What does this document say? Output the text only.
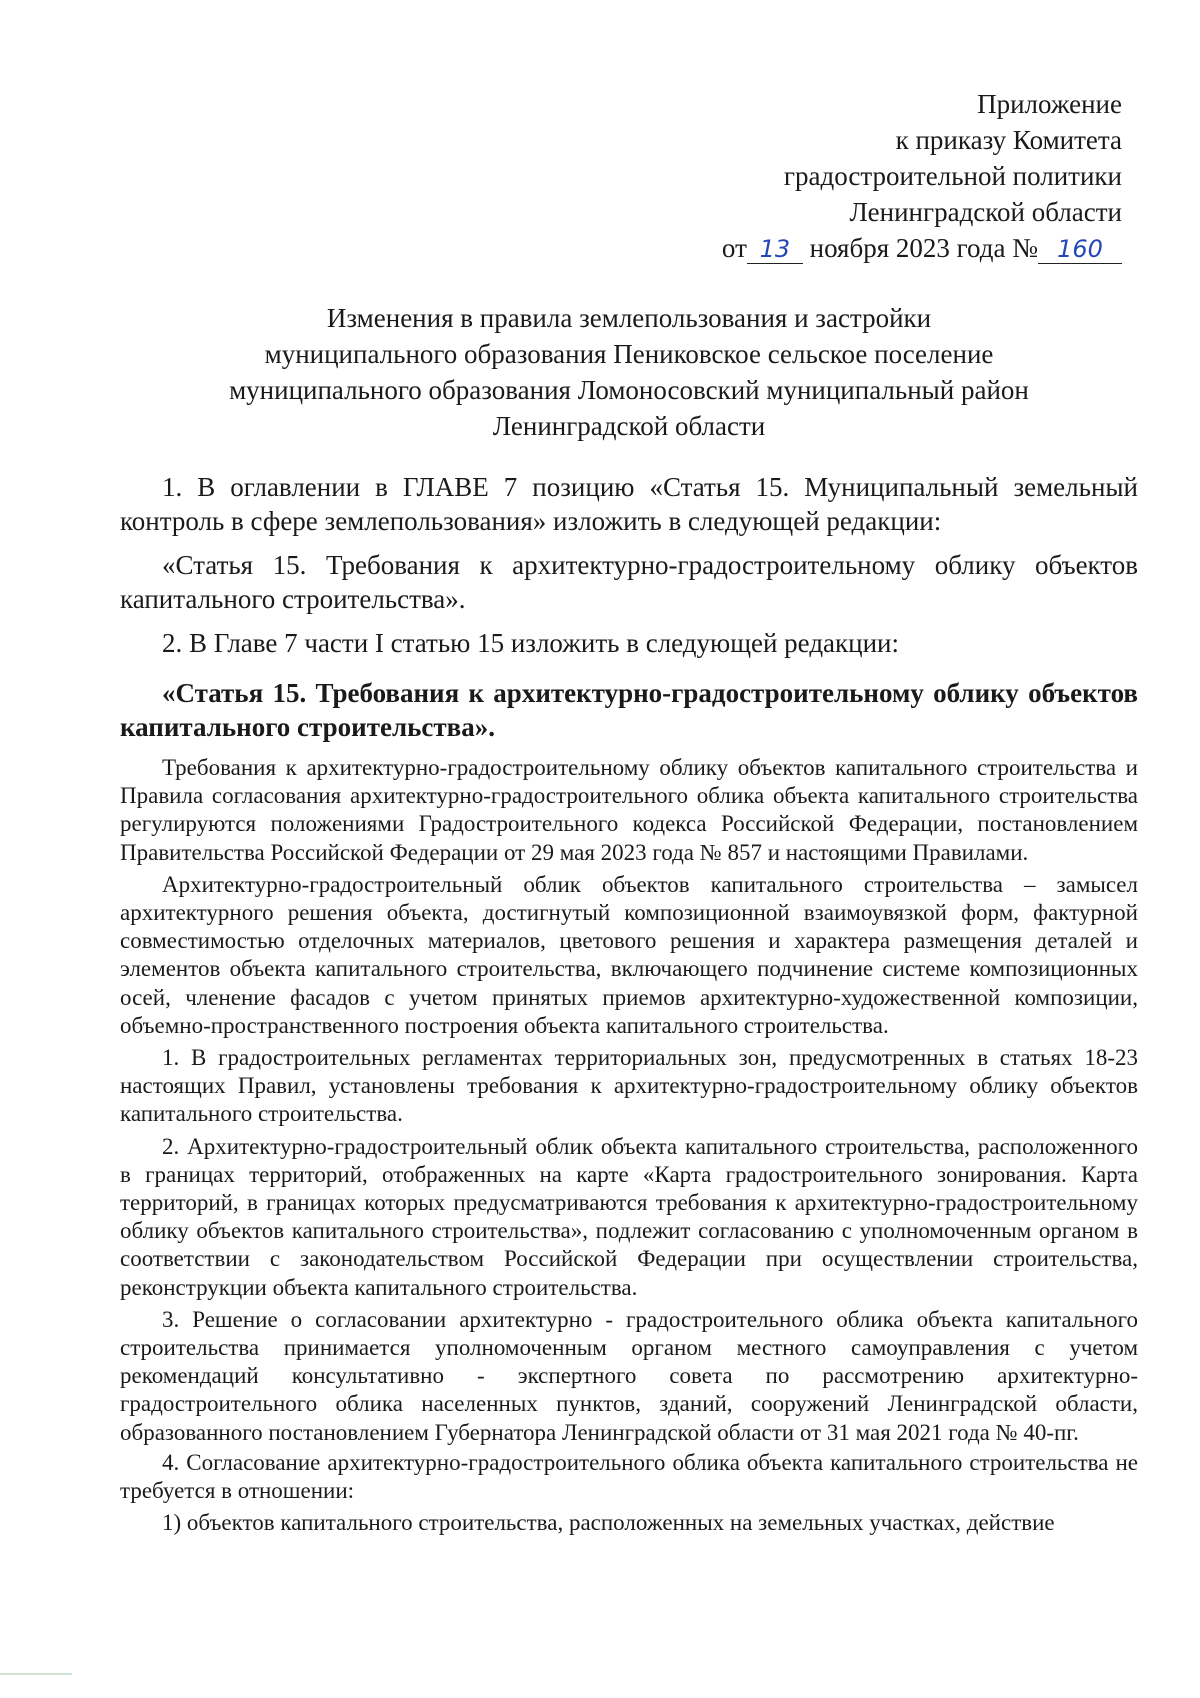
Приложение
к приказу Комитета
градостроительной политики
Ленинградской области
от 13 ноября 2023 года № 160
Изменения в правила землепользования и застройки
муниципального образования Пениковское сельское поселение
муниципального образования Ломоносовский муниципальный район
Ленинградской области

1. В оглавлении в ГЛАВЕ 7 позицию «Статья 15. Муниципальный земельный контроль в сфере землепользования» изложить в следующей редакции:

«Статья 15. Требования к архитектурно-градостроительному облику объектов капитального строительства».

2. В Главе 7 части I статью 15 изложить в следующей редакции:

«Статья 15. Требования к архитектурно-градостроительному облику объектов капитального строительства».

Требования к архитектурно-градостроительному облику объектов капитального строительства и Правила согласования архитектурно-градостроительного облика объекта капитального строительства регулируются положениями Градостроительного кодекса Российской Федерации, постановлением Правительства Российской Федерации от 29 мая 2023 года № 857 и настоящими Правилами.

Архитектурно-градостроительный облик объектов капитального строительства – замысел архитектурного решения объекта, достигнутый композиционной взаимоувязкой форм, фактурной совместимостью отделочных материалов, цветового решения и характера размещения деталей и элементов объекта капитального строительства, включающего подчинение системе композиционных осей, членение фасадов с учетом принятых приемов архитектурно-художественной композиции, объемно-пространственного построения объекта капитального строительства.

1. В градостроительных регламентах территориальных зон, предусмотренных в статьях 18-23 настоящих Правил, установлены требования к архитектурно-градостроительному облику объектов капитального строительства.

2. Архитектурно-градостроительный облик объекта капитального строительства, расположенного в границах территорий, отображенных на карте «Карта градостроительного зонирования. Карта территорий, в границах которых предусматриваются требования к архитектурно-градостроительному облику объектов капитального строительства», подлежит согласованию с уполномоченным органом в соответствии с законодательством Российской Федерации при осуществлении строительства, реконструкции объекта капитального строительства.

3. Решение о согласовании архитектурно - градостроительного облика объекта капитального строительства принимается уполномоченным органом местного самоуправления с учетом рекомендаций консультативно - экспертного совета по рассмотрению архитектурно-градостроительного облика населенных пунктов, зданий, сооружений Ленинградской области, образованного постановлением Губернатора Ленинградской области от 31 мая 2021 года № 40-пг.

4. Согласование архитектурно-градостроительного облика объекта капитального строительства не требуется в отношении:

1) объектов капитального строительства, расположенных на земельных участках, действие
